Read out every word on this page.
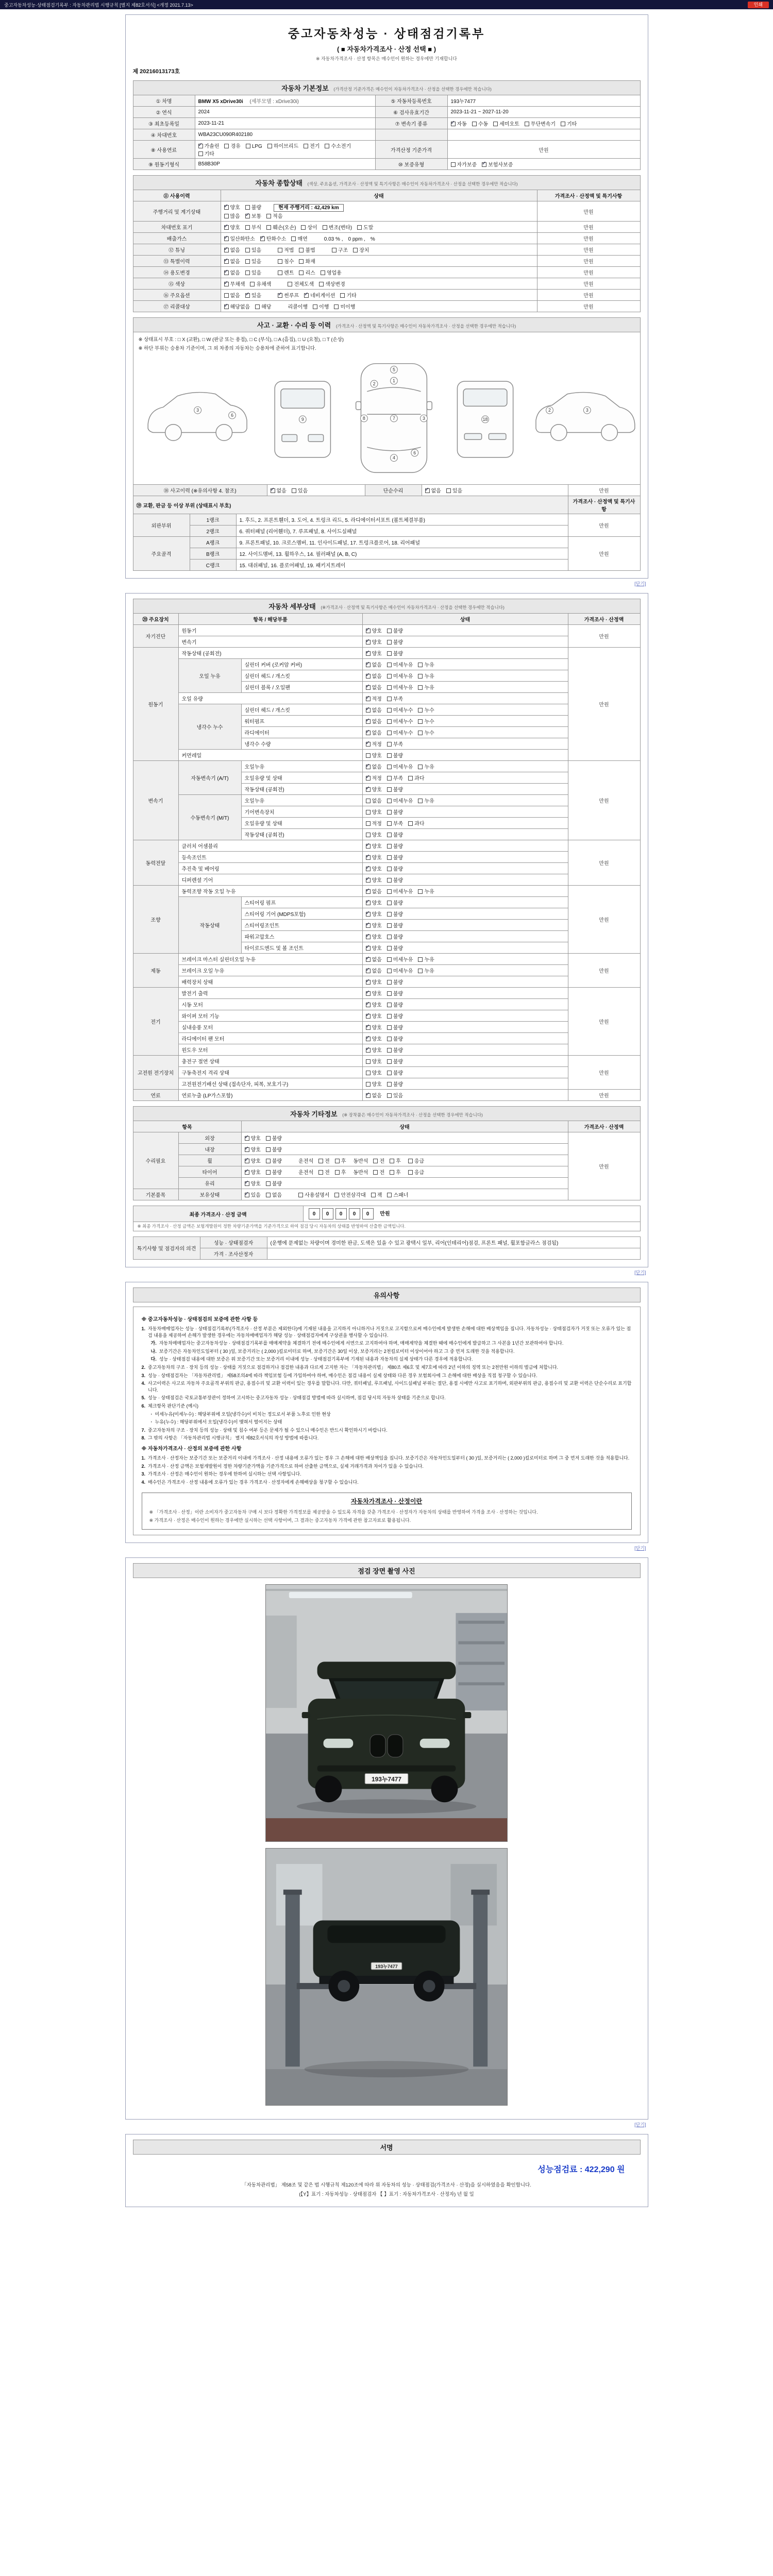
중고자동차성능·상태점검기록부 : 자동차관리법 시행규칙 [별지 제82호서식] <개정 2021.7.13>	인쇄
중고자동차성능 · 상태점검기록부
( ■ 자동차가격조사 · 산정 선택 ■ )
※ 자동차가격조사 · 산정 항목은 매수인이 원하는 경우에만 기재합니다
제 20216013173호
자동차 기본정보 (가격산정 기준가격은 매수인이 자동차가격조사 · 산정을 선택한 경우에만 적습니다)
① 차명	BMW X5 xDrive30i (세부모델 : xDrive30i)	⑤ 자동차등록번호	193누7477
② 연식	2024	⑥ 검사유효기간	2023-11-21 ~ 2027-11-20
③ 최초등록일	2023-11-21	⑦ 변속기 종류	✓자동 수동 세미오토 무단변속기 기타
④ 차대번호	WBA23CU090R402180		
⑧ 사용연료	✓가솔린 경유 LPG 하이브리드 전기 수소전기기타	가격산정 기준가격	만원
⑨ 원동기형식	B58B30P	⑩ 보증유형	자가보증 ✓ 보험사보증
자동차 종합상태 (색상, 주요옵션, 가격조사 · 산정액 및 특기사항은 매수인이 자동차가격조사 · 산정을 선택한 경우에만 적습니다)
⑪ 사용이력	상태	가격조사 · 산정액 및 특기사항
주행거리 및 계기상태	
✓양호 불량 현재 주행거리 : 42,429 km
많음 ✓ 보통 적음	만원
차대번호 표기	
✓양호 부식 훼손(오손) 상이 변조(변타) 도말	만원
배출가스	
✓일산화탄소 ✓ 탄화수소 매연 0.03 % , 0 ppm , %	만원
⑫ 튜닝	
✓없음 있음 적법 불법 구조 장치	만원
⑬ 특별이력	
✓없음 있음 침수 화재	만원
⑭ 용도변경	
✓없음 있음 렌트 리스 영업용	만원
⑮ 색상	
✓무채색 유채색 전체도색 색상변경	만원
⑯ 주요옵션	없음 ✓ 있음 ✓ 썬루프 ✓ 네비게이션 기타	만원
⑰ 리콜대상	
✓해당없음 해당 리콜이행 이행 미이행	만원
사고 · 교환 · 수리 등 이력 (가격조사 · 산정액 및 특기사항은 매수인이 자동차가격조사 · 산정을 선택한 경우에만 적습니다)
※ 상태표시 부호 : □ X (교환), □ W (판금 또는 용접), □ C (부식), □ A (흠집), □ U (요철), □ T (손상)
※ 하단 부위는 승용차 기준이며, 그 외 차종의 자동차는 승용차에 준하여 표기합니다.
5
1
7
4
2
3
8
6
9	18
3
6
2	3
⑱ 사고이력 (※유의사항 4. 참조)	✓없음 있음	단순수리	✓없음 있음	만원
⑲ 교환, 판금 등 이상 부위 (상태표시 부호)			가격조사 · 산정액 및 특기사항
외판부위	1랭크	1. 후드, 2. 프론트휀더, 3. 도어, 4. 트렁크 리드, 5. 라디에이터서포트 (볼트체결부품)	만원
	2랭크	6. 쿼터패널 (리어휀더), 7. 루프패널, 8. 사이드실패널	
주요골격	A랭크	9. 프론트패널, 10. 크로스멤버, 11. 인사이드패널, 17. 트렁크플로어, 18. 리어패널	만원
	B랭크	12. 사이드멤버, 13. 휠하우스, 14. 필러패널 (A, B, C)	
	C랭크	15. 대쉬패널, 16. 플로어패널, 19. 패키지트레이	
[닫기]
자동차 세부상태 (※가격조사 · 산정액 및 특기사항은 매수인이 자동차가격조사 · 산정을 선택한 경우에만 적습니다)
⑳ 주요장치	항목 / 해당부품		상태	가격조사 · 산정액
자기진단	원동기	✓양호 불량	만원
	변속기	✓양호 불량
원동기	작동상태 (공회전)	✓양호 불량	만원
	오일 누유	실린더 커버 (로커암 커버)	✓없음 미세누유 누유
		실린더 헤드 / 개스킷	✓없음 미세누유 누유
		실린더 블록 / 오일팬	✓없음 미세누유 누유
	오일 유량	✓적정 부족
	냉각수 누수	실린더 헤드 / 개스킷	✓없음 미세누수 누수
		워터펌프	✓없음 미세누수 누수
		라디에이터	✓없음 미세누수 누수
		냉각수 수량	✓적정 부족
	커먼레일		양호 불량	
변속기	자동변속기 (A/T)	오일누유	✓없음 미세누유 누유	만원
		오일유량 및 상태	✓적정 부족 과다
		작동상태 (공회전)	✓양호 불량
	수동변속기 (M/T)	오일누유	없음 미세누유 누유	
		기어변속장치	양호 불량	
		오일유량 및 상태	적정 부족 과다	
		작동상태 (공회전)	양호 불량	
동력전달	클러치 어셈블리	✓양호 불량	만원
	등속조인트	✓양호 불량
	추진축 및 베어링	✓양호 불량
	디퍼렌셜 기어	✓양호 불량
조향	동력조향 작동 오일 누유	✓없음 미세누유 누유	만원
	작동상태	스티어링 펌프	✓양호 불량
		스티어링 기어 (MDPS포함)	✓양호 불량
		스티어링조인트	✓양호 불량
		파워고압호스	✓양호 불량
		타이로드엔드 및 볼 조인트	✓양호 불량
제동	브레이크 마스터 실린더오일 누유	✓없음 미세누유 누유	만원
	브레이크 오일 누유	✓없음 미세누유 누유
	배력장치 상태	✓양호 불량
전기	발전기 출력	✓양호 불량	만원
	시동 모터	✓양호 불량
	와이퍼 모터 기능	✓양호 불량
	실내송풍 모터	✓양호 불량
	라디에이터 팬 모터	✓양호 불량
	윈도우 모터	✓양호 불량
고전원 전기장치	충전구 절연 상태		양호 불량	만원
	구동축전지 격리 상태		양호 불량	
	고전원전기배선 상태 (접속단자, 피복, 보호기구)		양호 불량	
연료	연료누출 (LP가스포함)	✓없음 있음	만원
자동차 기타정보 (※ 장착품은 매수인이 자동차가격조사 · 산정을 선택한 경우에만 적습니다)
항목		상태	가격조사 · 산정액
수리필요	외장	✓양호 불량	만원
	내장	✓양호 불량
	휠	✓양호 불량 운전석 전 후 동반석 전 후 응급
	타이어	✓양호 불량 운전석 전 후 동반석 전 후 응급
	유리	✓양호 불량
기본품목	보유상태	✓있음 없음 사용설명서 안전삼각대 잭 스패너
최종 가격조사 · 산정 금액	0 0 0 0 0 만원
※ 최종 가격조사 · 산정 금액은 보험개발원이 정한 차량기준가액을 기준가격으로 하여 점검 당시 자동차의 상태를 반영하여 산출한 금액입니다.
특기사항 및 점검자의 의견	성능 · 상태점검자	(운행에 문제없는 차량이며 경미한 판금, 도색은 있을 수 있고 광택시 일부, 리어(인테리어)점검, 프론트 패널, 휠포함글라스 점검됨)
	가격 · 조사산정자	
[닫기]
유의사항
※ 중고자동차성능 · 상태점검의 보증에 관한 사항 등
1. 자동차매매업자는 성능 · 상태점검기록부(가격조사 · 산정 부분은 제외한다)에 기재된 내용을 고지하지 아니하거나 거짓으로 고지함으로써 매수인에게 발생한 손해에 대한 배상책임을 집니다. 자동차성능 · 상태점검자가 거짓 또는 오류가 있는 점검 내용을 제공하여 손해가 발생한 경우에는 자동차매매업자가 해당 성능 · 상태점검자에게 구상권을 행사할 수 있습니다.
가. 자동차매매업자는 중고자동차성능 · 상태점검기록부를 매매계약을 체결하기 전에 매수인에게 서면으로 고지하여야 하며, 매매계약을 체결한 때에 매수인에게 발급하고 그 사본을 1년간 보관하여야 합니다.
나. 보증기간은 자동차인도일부터 ( 30 )일, 보증거리는 ( 2,000 )킬로미터로 하며, 보증기간은 30일 이상, 보증거리는 2천킬로미터 이상이어야 하고 그 중 먼저 도래한 것을 적용합니다.
다. 성능 · 상태점검 내용에 대한 보증은 위 보증기간 또는 보증거리 이내에 성능 · 상태점검기록부에 기재된 내용과 자동차의 실제 상태가 다른 경우에 적용합니다.
2. 중고자동차의 구조 · 장치 등의 성능 · 상태를 거짓으로 점검하거나 점검한 내용과 다르게 고지한 자는 「자동차관리법」 제80조 제6호 및 제7호에 따라 2년 이하의 징역 또는 2천만원 이하의 벌금에 처합니다.
3. 성능 · 상태점검자는 「자동차관리법」 제58조의4에 따라 책임보험 등에 가입하여야 하며, 매수인은 점검 내용이 실제 상태와 다른 경우 보험회사에 그 손해에 대한 배상을 직접 청구할 수 있습니다.
4. 사고이력은 사고로 자동차 주요골격 부위의 판금, 용접수리 및 교환 이력이 있는 경우를 말합니다. 다만, 쿼터패널, 루프패널, 사이드실패널 부위는 절단, 용접 시에만 사고로 표기하며, 외판부위의 판금, 용접수리 및 교환 이력은 단순수리로 표기합니다.
5. 성능 · 상태점검은 국토교통부장관이 정하여 고시하는 중고자동차 성능 · 상태점검 방법에 따라 실시하며, 점검 당시의 자동차 상태를 기준으로 합니다.
6. 체크항목 판단기준 (예시)
· 미세누유(미세누수) : 해당부위에 오일(냉각수)이 비치는 정도로서 부품 노후로 인한 현상
· 누유(누수) : 해당부위에서 오일(냉각수)이 맺혀서 떨어지는 상태
7. 중고자동차의 구조 · 장치 등의 성능 · 상태 및 침수 여부 등은 문제가 될 수 있으니 매수인은 반드시 확인하시기 바랍니다.
8. 그 밖의 사항은 「자동차관리법 시행규칙」 별지 제82호서식의 작성 방법에 따릅니다.
※ 자동차가격조사 · 산정의 보증에 관한 사항
1. 가격조사 · 산정자는 보증기간 또는 보증거리 이내에 가격조사 · 산정 내용에 오류가 있는 경우 그 손해에 대한 배상책임을 집니다. 보증기간은 자동차인도일부터 ( 30 )일, 보증거리는 ( 2,000 )킬로미터로 하며 그 중 먼저 도래한 것을 적용합니다.
2. 가격조사 · 산정 금액은 보험개발원이 정한 차량기준가액을 기준가격으로 하여 산출한 금액으로, 실제 거래가격과 차이가 있을 수 있습니다.
3. 가격조사 · 산정은 매수인이 원하는 경우에 한하여 실시하는 선택 사항입니다.
4. 매수인은 가격조사 · 산정 내용에 오류가 있는 경우 가격조사 · 산정자에게 손해배상을 청구할 수 있습니다.
자동차가격조사 · 산정이란
※ 「가격조사 · 산정」이란 소비자가 중고자동차 구매 시 보다 정확한 가격정보를 제공받을 수 있도록 자격을 갖춘 가격조사 · 산정자가 자동차의 상태를 반영하여 가격을 조사 · 산정하는 것입니다.
※ 가격조사 · 산정은 매수인이 원하는 경우에만 실시하는 선택 사항이며, 그 결과는 중고자동차 가격에 관한 참고자료로 활용됩니다.
[닫기]
점검 장면 촬영 사진
193누7477
193누7477
[닫기]
서명
성능점검료 : 422,290 원
「자동차관리법」 제58조 및 같은 법 시행규칙 제120조에 따라 위 자동차의 성능 · 상태점검(가격조사 · 산정)을 실시하였음을 확인합니다.
(【Y】표기 : 자동차성능 · 상태점검자 【 】표기 : 자동차가격조사 · 산정자) 년 월 일
